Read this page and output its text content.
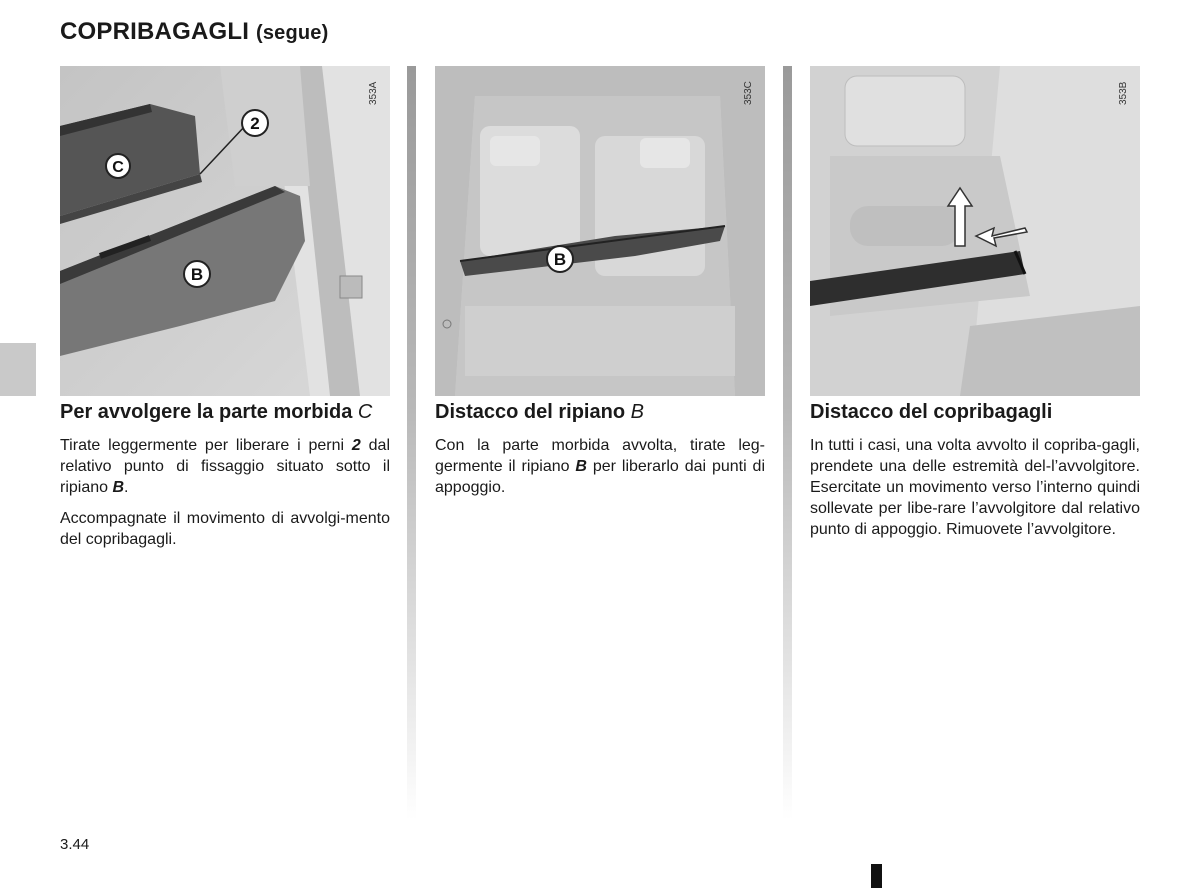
COPRIBAGAGLI (segue)
2
C
B
353A
B
353C	353B
Per avvolgere la parte morbida C

Tirate leggermente per liberare i perni 2 dal relativo punto di fissaggio situato sotto il ripiano B.

Accompagnate il movimento di avvolgi-mento del copribagagli.

Distacco del ripiano B

Con la parte morbida avvolta, tirate leg-germente il ripiano B per liberarlo dai punti di appoggio.

Distacco del copribagagli

In tutti i casi, una volta avvolto il copriba-gagli, prendete una delle estremità del-l’avvolgitore. Esercitate un movimento verso l’interno quindi sollevate per libe-rare l’avvolgitore dal relativo punto di appoggio. Rimuovete l’avvolgitore.

3.44
